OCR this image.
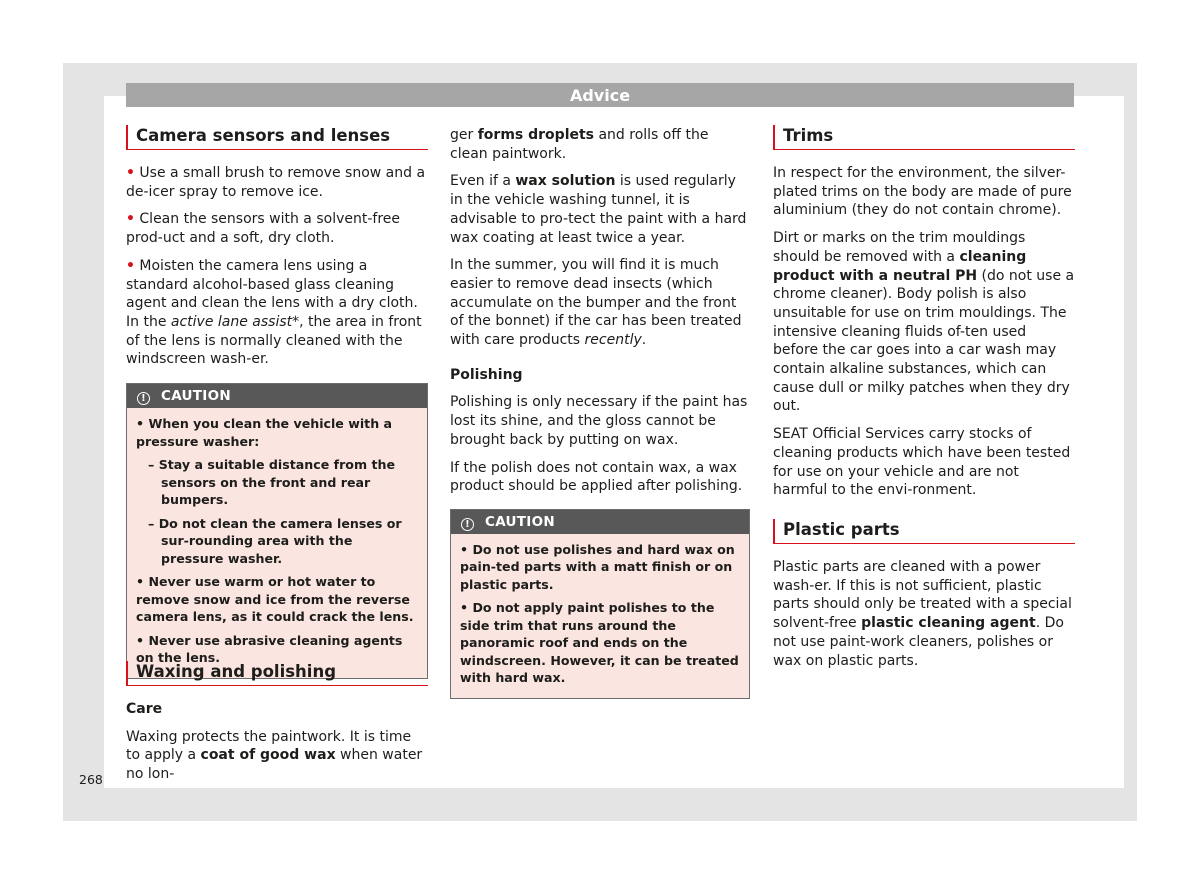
Advice
Camera sensors and lenses

• Use a small brush to remove snow and a de-icer spray to remove ice.

• Clean the sensors with a solvent-free prod-uct and a soft, dry cloth.

• Moisten the camera lens using a standard alcohol-based glass cleaning agent and clean the lens with a dry cloth. In the active lane assist*, the area in front of the lens is normally cleaned with the windscreen wash-er.

! CAUTION
• When you clean the vehicle with a pressure washer:
– Stay a suitable distance from the sensors on the front and rear bumpers.
– Do not clean the camera lenses or sur-rounding area with the pressure washer.
• Never use warm or hot water to remove snow and ice from the reverse camera lens, as it could crack the lens.
• Never use abrasive cleaning agents on the lens.
Waxing and polishing

Care

Waxing protects the paintwork. It is time to apply a coat of good wax when water no lon-

ger forms droplets and rolls off the clean paintwork.

Even if a wax solution is used regularly in the vehicle washing tunnel, it is advisable to pro-tect the paint with a hard wax coating at least twice a year.

In the summer, you will find it is much easier to remove dead insects (which accumulate on the bumper and the front of the bonnet) if the car has been treated with care products recently.

Polishing

Polishing is only necessary if the paint has lost its shine, and the gloss cannot be brought back by putting on wax.

If the polish does not contain wax, a wax product should be applied after polishing.

! CAUTION
• Do not use polishes and hard wax on pain-ted parts with a matt finish or on plastic parts.
• Do not apply paint polishes to the side trim that runs around the panoramic roof and ends on the windscreen. However, it can be treated with hard wax.
Trims

In respect for the environment, the silver-plated trims on the body are made of pure aluminium (they do not contain chrome).

Dirt or marks on the trim mouldings should be removed with a cleaning product with a neutral PH (do not use a chrome cleaner). Body polish is also unsuitable for use on trim mouldings. The intensive cleaning fluids of-ten used before the car goes into a car wash may contain alkaline substances, which can cause dull or milky patches when they dry out.

SEAT Official Services carry stocks of cleaning products which have been tested for use on your vehicle and are not harmful to the envi-ronment.

Plastic parts

Plastic parts are cleaned with a power wash-er. If this is not sufficient, plastic parts should only be treated with a special solvent-free plastic cleaning agent. Do not use paint-work cleaners, polishes or wax on plastic parts.

268
